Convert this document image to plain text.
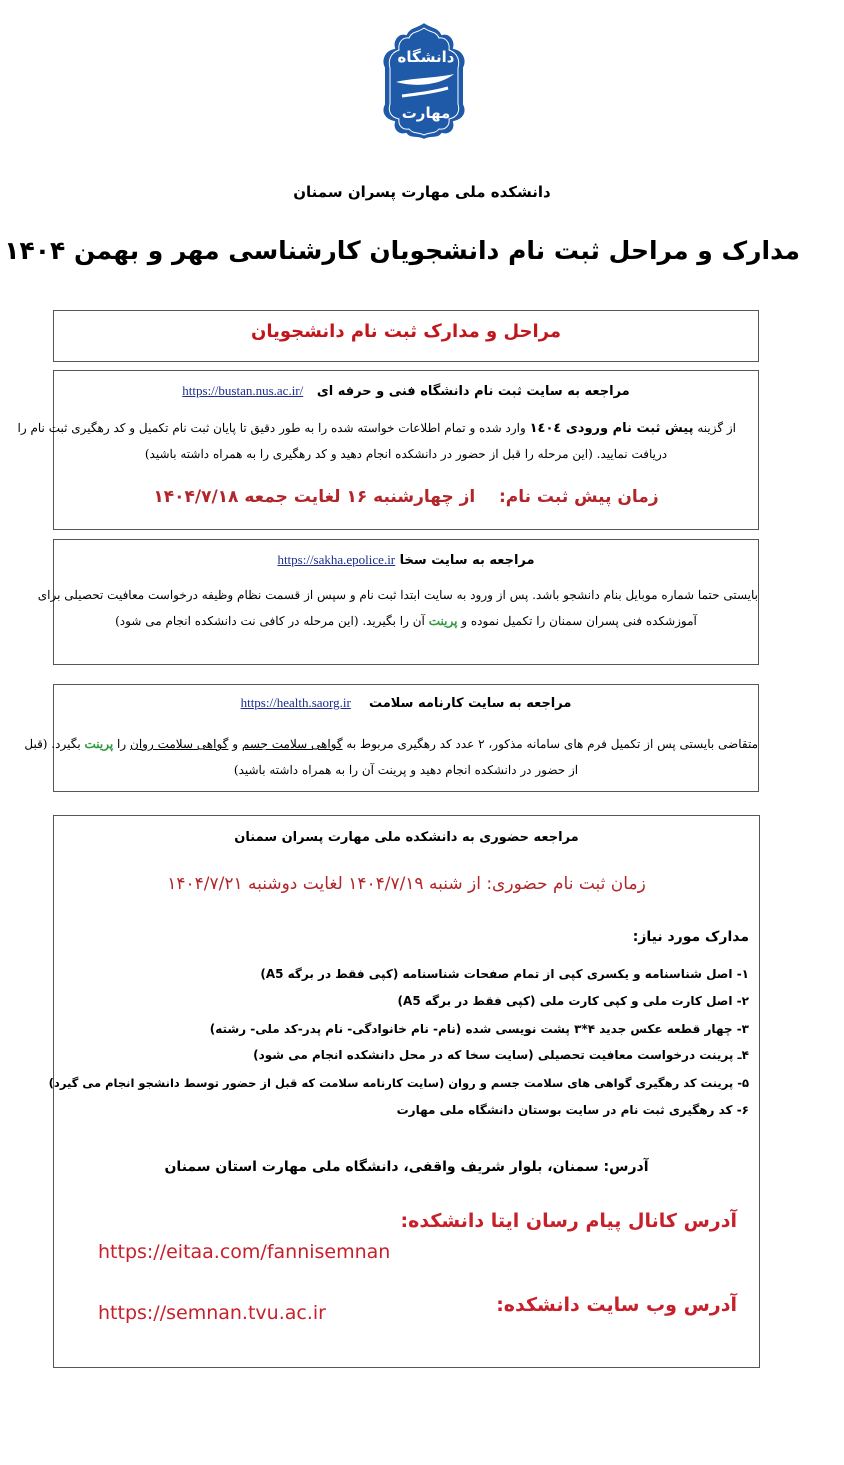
دانشگاه
مهارت
دانشکده ملی مهارت پسران سمنان
مدارک و مراحل ثبت نام دانشجویان کارشناسی مهر و بهمن ۱۴۰۴
مراحل و مدارک ثبت نام دانشجویان
مراجعه به سایت ثبت نام دانشگاه فنی و حرفه ای   https://bustan.nus.ac.ir/
از گزینه پیش ثبت نام ورودی ۱٤۰٤ وارد شده و تمام اطلاعات خواسته شده را به طور دقیق تا پایان ثبت نام تکمیل و کد رهگیری ثبت نام را
دریافت نمایید. (این مرحله را قبل از حضور در دانشکده انجام دهید و کد رهگیری را به همراه داشته باشید)
زمان پیش ثبت نام:    از چهارشنبه ۱۶ لغایت جمعه ۱۴۰۴/۷/۱۸
مراجعه به سایت سخا https://sakha.epolice.ir
بایستی حتما شماره موبایل بنام دانشجو باشد. پس از ورود به سایت ابتدا ثبت نام و سپس از قسمت نظام وظیفه درخواست معافیت تحصیلی برای
آموزشکده فنی پسران سمنان را تکمیل نموده و پرینت آن را بگیرید. (این مرحله در کافی نت دانشکده انجام می شود)
مراجعه به سایت کارنامه سلامت    https://health.saorg.ir
متقاضی بایستی پس از تکمیل فرم های سامانه مذکور، ۲ عدد کد رهگیری مربوط به گواهی سلامت جسم و گواهی سلامت روان را پرینت بگیرد. (قبل
از حضور در دانشکده انجام دهید و پرینت آن را به همراه داشته باشید)
مراجعه حضوری به دانشکده ملی مهارت پسران سمنان
زمان ثبت نام حضوری: از شنبه ۱۴۰۴/۷/۱۹ لغایت دوشنبه ۱۴۰۴/۷/۲۱
مدارک مورد نیاز:
۱- اصل شناسنامه و یکسری کپی از تمام صفحات شناسنامه (کپی فقط در برگه A5)
۲- اصل کارت ملی و کپی کارت ملی (کپی فقط در برگه A5)
۳- چهار قطعه عکس جدید ۴*۳ پشت نویسی شده (نام- نام خانوادگی- نام پدر-کد ملی- رشته)
۴ـ پرینت درخواست معافیت تحصیلی (سایت سخا که در محل دانشکده انجام می شود)
۵- پرینت کد رهگیری گواهی های سلامت جسم و روان (سایت کارنامه سلامت که قبل از حضور توسط دانشجو انجام می گیرد)
۶- کد رهگیری ثبت نام در سایت بوستان دانشگاه ملی مهارت
آدرس: سمنان، بلوار شریف واقفی، دانشگاه ملی مهارت استان سمنان
آدرس کانال پیام رسان ایتا دانشکده:
https://eitaa.com/fannisemnan
آدرس وب سایت دانشکده:
https://semnan.tvu.ac.ir
